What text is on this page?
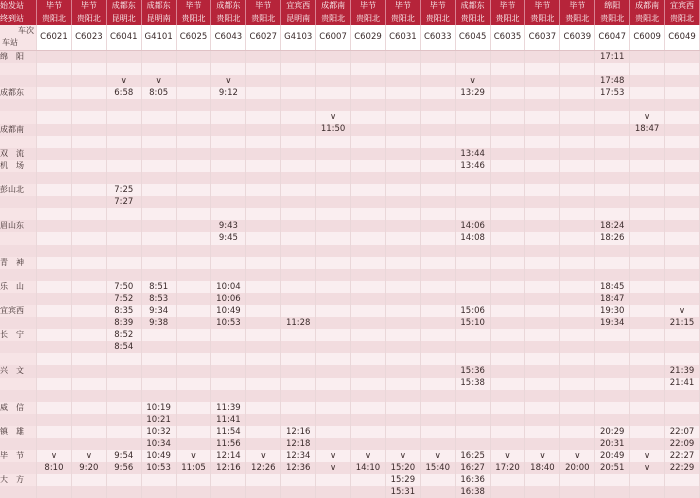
始发站	毕节	毕节	成都东	成都东	毕节	成都东	毕节	宜宾西	成都南	毕节	毕节	毕节	成都东	毕节	毕节	毕节	绵阳	成都南	宜宾西
终到站	贵阳北	贵阳北	昆明北	昆明南	贵阳北	贵阳北	贵阳北	昆明南	贵阳北	贵阳北	贵阳北	贵阳北	贵阳北	贵阳北	贵阳北	贵阳北	贵阳北	贵阳北	贵阳北

车次
车站	C6021	C6023	C6041	G4101	C6025	C6043	C6027	G4103	C6007	C6029	C6031	C6033	C6045	C6035	C6037	C6039	C6047	C6009	C6049
绵　阳																	17:11		

			∨	∨		∨							∨				17:48		
成都东			6:58	8:05		9:12							13:29				17:53		

									∨									∨	
成都南									11:50									18:47	

双　流													13:44						
机　场													13:46						

彭山北			7:25																
			7:27																

眉山东						9:43							14:06				18:24		
						9:45							14:08				18:26		

青　神																			

乐　山			7:50	8:51		10:04											18:45		
			7:52	8:53		10:06											18:47		
宜宾西			8:35	9:34		10:49							15:06				19:30		∨
			8:39	9:38		10:53		11:28					15:10				19:34		21:15
长　宁			8:52																
			8:54																

兴　文													15:36						21:39
													15:38						21:41

威　信				10:19		11:39													
				10:21		11:41													
镇　雄				10:32		11:54		12:16									20:29		22:07
				10:34		11:56		12:18									20:31		22:09
毕　节	∨	∨	9:54	10:49	∨	12:14	∨	12:34	∨	∨	∨	∨	16:25	∨	∨	∨	20:49	∨	22:27
	8:10	9:20	9:56	10:53	11:05	12:16	12:26	12:36	∨	14:10	15:20	15:40	16:27	17:20	18:40	20:00	20:51	∨	22:29
大　方											15:29		16:36						
											15:31		16:38						
